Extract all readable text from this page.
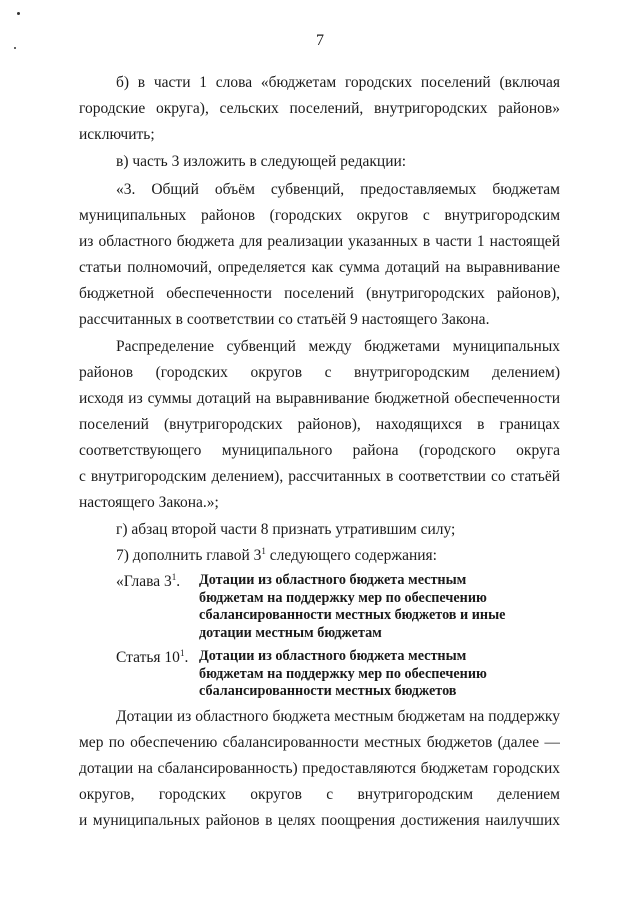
7
б) в части 1 слова «бюджетам городских поселений (включая
городские округа), сельских поселений, внутригородских районов»
исключить;
в) часть 3 изложить в следующей редакции:
«3. Общий объём субвенций, предоставляемых бюджетам
муниципальных районов (городских округов с внутригородским
из областного бюджета для реализации указанных в части 1 настоящей
статьи полномочий, определяется как сумма дотаций на выравнивание
бюджетной обеспеченности поселений (внутригородских районов),
рассчитанных в соответствии со статьёй 9 настоящего Закона.
Распределение субвенций между бюджетами муниципальных
районов (городских округов с внутригородским делением)
исходя из суммы дотаций на выравнивание бюджетной обеспеченности
поселений (внутригородских районов), находящихся в границах
соответствующего муниципального района (городского округа
с внутригородским делением), рассчитанных в соответствии со статьёй
настоящего Закона.»;
г) абзац второй части 8 признать утратившим силу;
7) дополнить главой $3^1$ следующего содержания:
«Глава $3^1$. Дотации из областного бюджета местным
бюджетам на поддержку мер по обеспечению
сбалансированности местных бюджетов и иные
дотации местным бюджетам
Статья $10^1$. Дотации из областного бюджета местным
бюджетам на поддержку мер по обеспечению
сбалансированности местных бюджетов
Дотации из областного бюджета местным бюджетам на поддержку
мер по обеспечению сбалансированности местных бюджетов (далее —
дотации на сбалансированность) предоставляются бюджетам городских
округов, городских округов с внутригородским делением
и муниципальных районов в целях поощрения достижения наилучших
